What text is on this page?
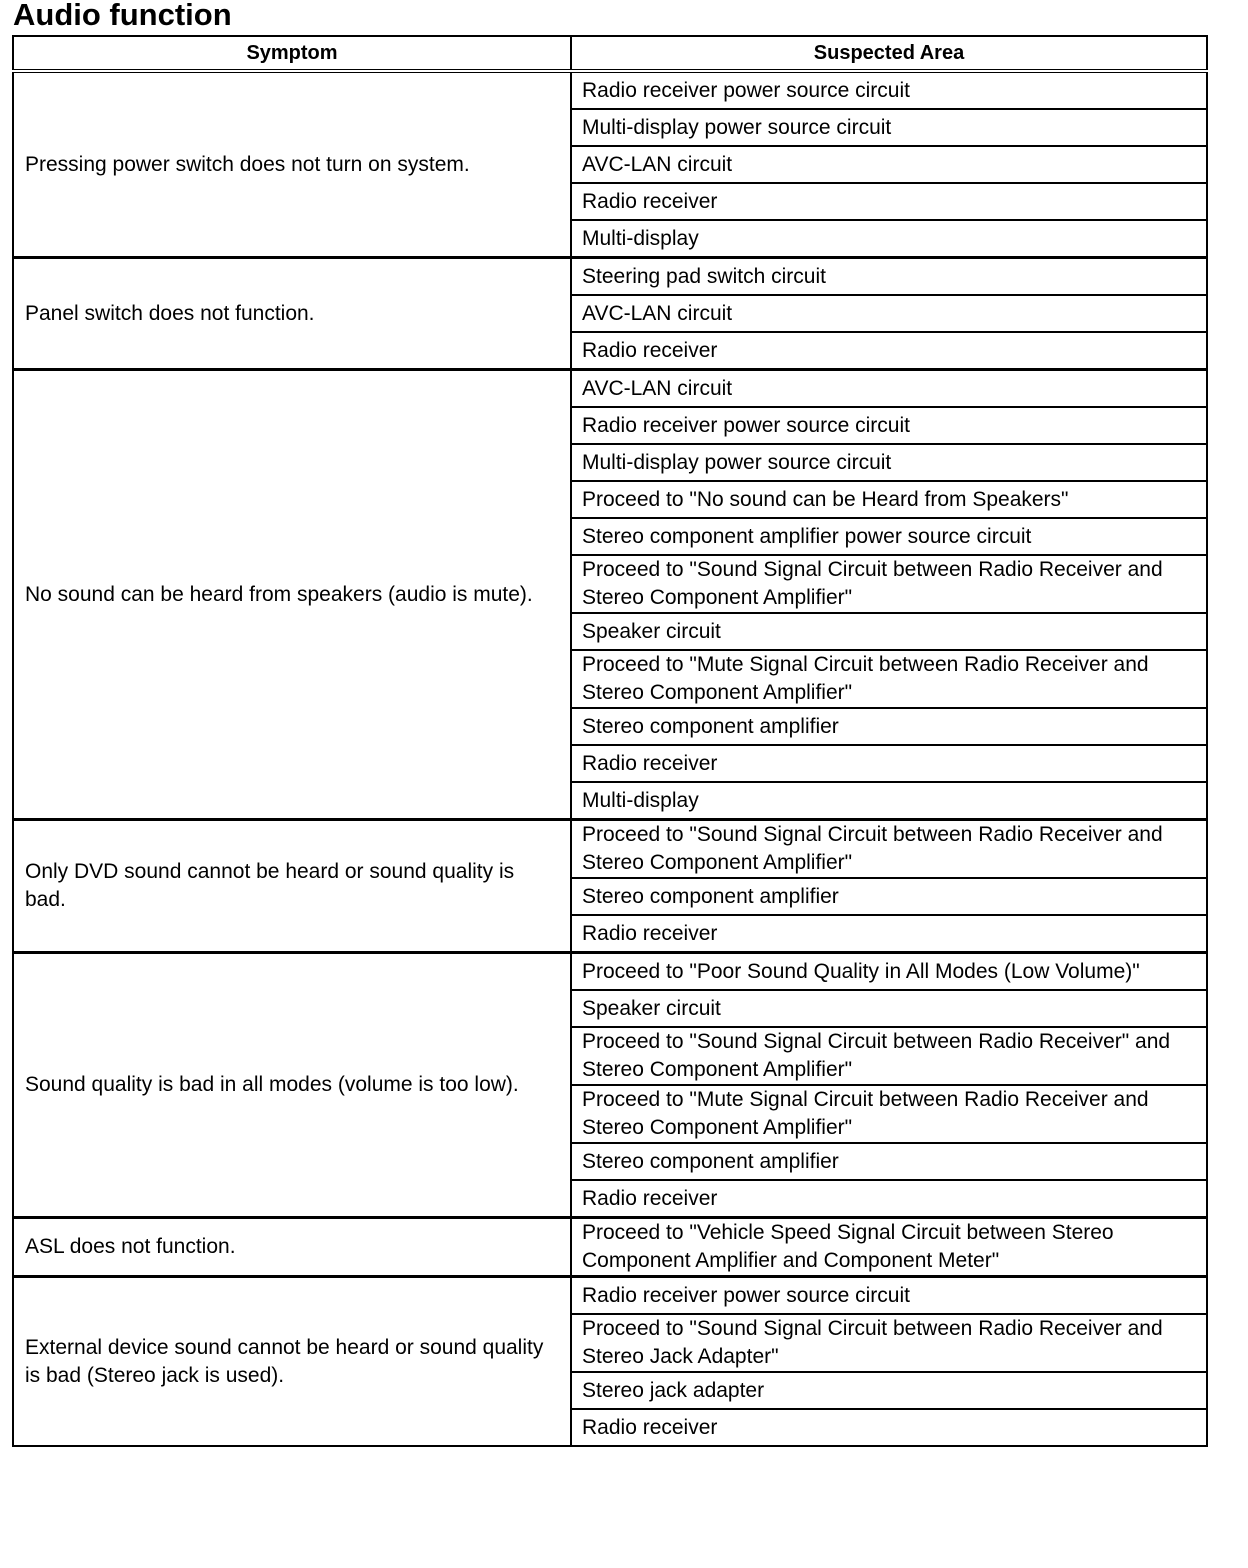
Audio function
Symptom	Suspected Area
Pressing power switch does not turn on system.	Radio receiver power source circuit
	Multi-display power source circuit
	AVC-LAN circuit
	Radio receiver
	Multi-display
Panel switch does not function.	Steering pad switch circuit
	AVC-LAN circuit
	Radio receiver
No sound can be heard from speakers (audio is mute).	AVC-LAN circuit
	Radio receiver power source circuit
	Multi-display power source circuit
	Proceed to "No sound can be Heard from Speakers"
	Stereo component amplifier power source circuit
	Proceed to "Sound Signal Circuit between Radio Receiver and Stereo Component Amplifier"
	Speaker circuit
	Proceed to "Mute Signal Circuit between Radio Receiver and Stereo Component Amplifier"
	Stereo component amplifier
	Radio receiver
	Multi-display
Only DVD sound cannot be heard or sound quality is bad.	Proceed to "Sound Signal Circuit between Radio Receiver and Stereo Component Amplifier"
	Stereo component amplifier
	Radio receiver
Sound quality is bad in all modes (volume is too low).	Proceed to "Poor Sound Quality in All Modes (Low Volume)"
	Speaker circuit
	Proceed to "Sound Signal Circuit between Radio Receiver" and Stereo Component Amplifier"
	Proceed to "Mute Signal Circuit between Radio Receiver and Stereo Component Amplifier"
	Stereo component amplifier
	Radio receiver
ASL does not function.	Proceed to "Vehicle Speed Signal Circuit between Stereo Component Amplifier and Component Meter"
External device sound cannot be heard or sound quality is bad (Stereo jack is used).	Radio receiver power source circuit
	Proceed to "Sound Signal Circuit between Radio Receiver and Stereo Jack Adapter"
	Stereo jack adapter
	Radio receiver
